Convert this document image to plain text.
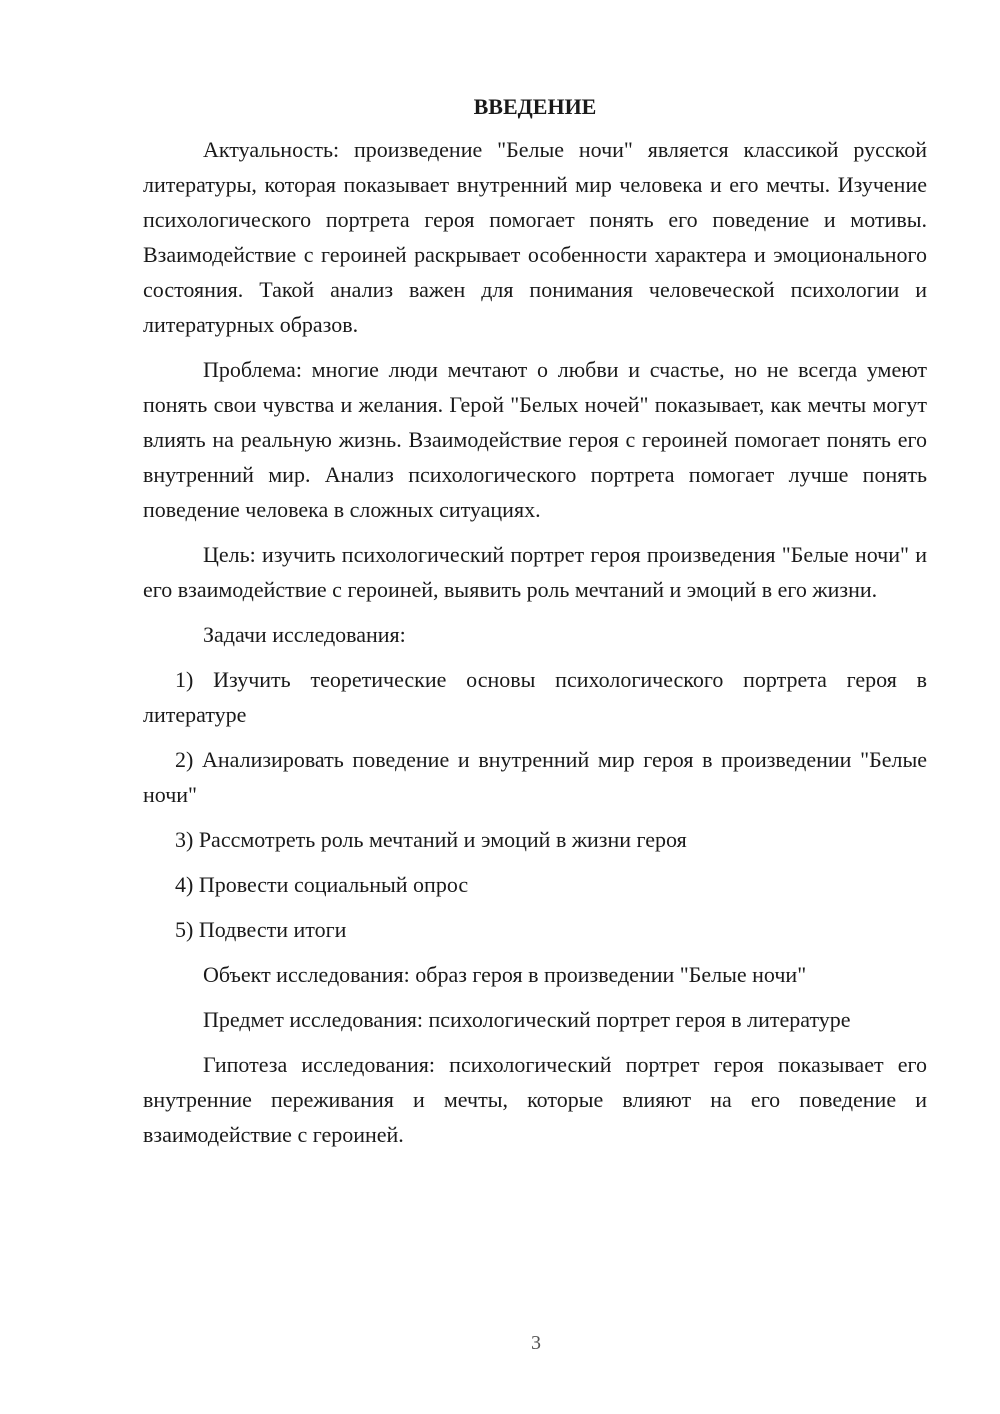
ВВЕДЕНИЕ

Актуальность: произведение "Белые ночи" является классикой русской литературы, которая показывает внутренний мир человека и его мечты. Изучение психологического портрета героя помогает понять его поведение и мотивы. Взаимодействие с героиней раскрывает особенности характера и эмоционального состояния. Такой анализ важен для понимания человеческой психологии и литературных образов.

Проблема: многие люди мечтают о любви и счастье, но не всегда умеют понять свои чувства и желания. Герой "Белых ночей" показывает, как мечты могут влиять на реальную жизнь. Взаимодействие героя с героиней помогает понять его внутренний мир. Анализ психологического портрета помогает лучше понять поведение человека в сложных ситуациях.

Цель: изучить психологический портрет героя произведения "Белые ночи" и его взаимодействие с героиней, выявить роль мечтаний и эмоций в его жизни.

Задачи исследования:

1) Изучить теоретические основы психологического портрета героя в литературе

2) Анализировать поведение и внутренний мир героя в произведении "Белые ночи"

3) Рассмотреть роль мечтаний и эмоций в жизни героя

4) Провести социальный опрос

5) Подвести итоги

Объект исследования: образ героя в произведении "Белые ночи"

Предмет исследования: психологический портрет героя в литературе

Гипотеза исследования: психологический портрет героя показывает его внутренние переживания и мечты, которые влияют на его поведение и взаимодействие с героиней.

3
